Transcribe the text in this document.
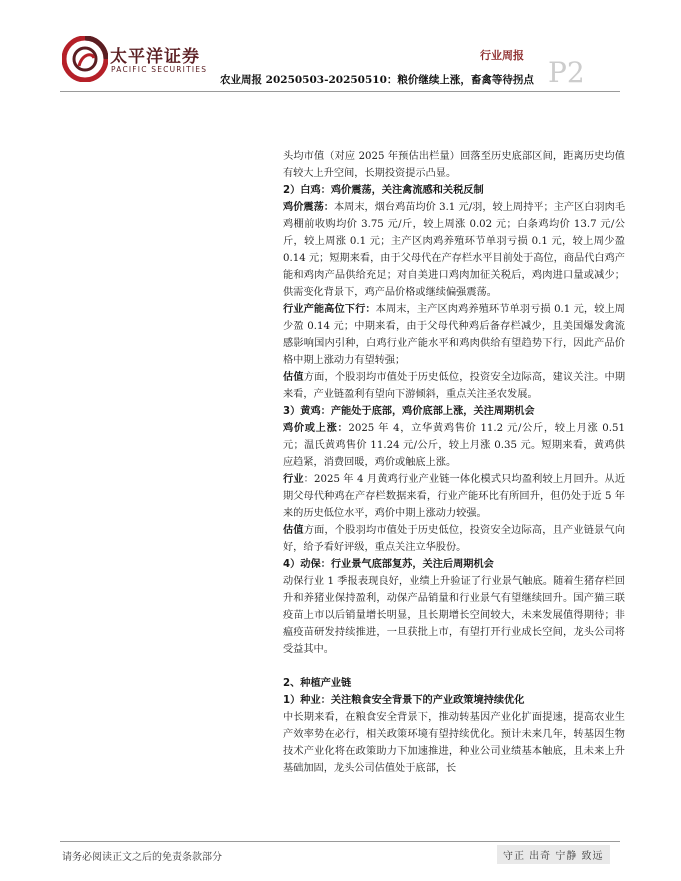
太平洋证券
PACIFIC SECURITIES
行业周报
农业周报 20250503-20250510：粮价继续上涨，畜禽等待拐点 P2

头均市值（对应 2025 年预估出栏量）回落至历史底部区间，距离历史均值有较大上升空间，长期投资提示凸显。

2）白鸡：鸡价震荡，关注禽流感和关税反制

鸡价震荡：本周末，烟台鸡苗均价 3.1 元/羽，较上周持平；主产区白羽肉毛鸡棚前收购均价 3.75 元/斤，较上周涨 0.02 元；白条鸡均价 13.7 元/公斤，较上周涨 0.1 元；主产区肉鸡养殖环节单羽亏损 0.1 元，较上周少盈 0.14 元；短期来看，由于父母代在产存栏水平目前处于高位，商品代白鸡产能和鸡肉产品供给充足；对自美进口鸡肉加征关税后，鸡肉进口量或减少；供需变化背景下，鸡产品价格或继续偏强震荡。

行业产能高位下行：本周末，主产区肉鸡养殖环节单羽亏损 0.1 元，较上周少盈 0.14 元；中期来看，由于父母代种鸡后备存栏减少，且美国爆发禽流感影响国内引种，白鸡行业产能水平和鸡肉供给有望趋势下行，因此产品价格中期上涨动力有望转强；

估值方面，个股羽均市值处于历史低位，投资安全边际高，建议关注。中期来看，产业链盈利有望向下游倾斜，重点关注圣农发展。

3）黄鸡：产能处于底部，鸡价底部上涨，关注周期机会

鸡价或上涨：2025 年 4，立华黄鸡售价 11.2 元/公斤，较上月涨 0.51 元；温氏黄鸡售价 11.24 元/公斤，较上月涨 0.35 元。短期来看，黄鸡供应趋紧，消费回暖，鸡价或触底上涨。

行业：2025 年 4 月黄鸡行业产业链一体化模式只均盈利较上月回升。从近期父母代种鸡在产存栏数据来看，行业产能环比有所回升，但仍处于近 5 年来的历史低位水平，鸡价中期上涨动力较强。

估值方面，个股羽均市值处于历史低位，投资安全边际高，且产业链景气向好，给予看好评级，重点关注立华股份。

4）动保：行业景气底部复苏，关注后周期机会

动保行业 1 季报表现良好，业绩上升验证了行业景气触底。随着生猪存栏回升和养猪业保持盈利，动保产品销量和行业景气有望继续回升。国产猫三联疫苗上市以后销量增长明显，且长期增长空间较大，未来发展值得期待；非瘟疫苗研发持续推进，一旦获批上市，有望打开行业成长空间，龙头公司将受益其中。

2、种植产业链
1）种业：关注粮食安全背景下的产业政策境持续优化

中长期来看，在粮食安全背景下，推动转基因产业化扩面提速，提高农业生产效率势在必行，相关政策环境有望持续优化。预计未来几年，转基因生物技术产业化将在政策助力下加速推进，种业公司业绩基本触底，且未来上升基础加固，龙头公司估值处于底部，长

请务必阅读正文之后的免责条款部分	守正 出奇 宁静 致远
